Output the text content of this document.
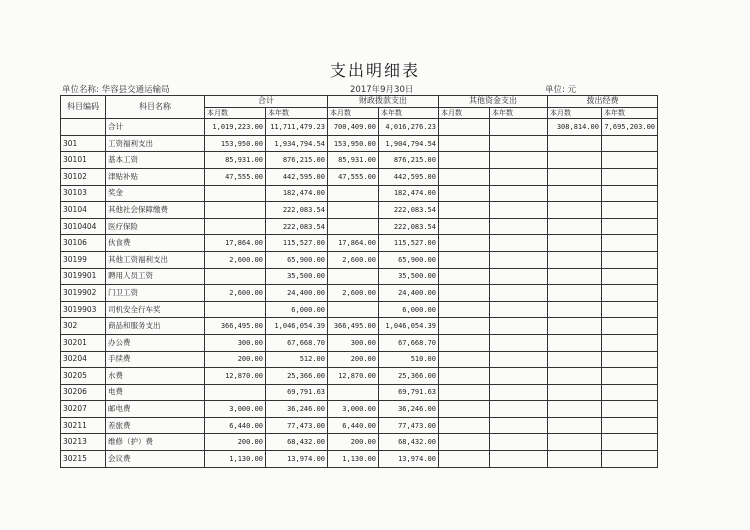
支出明细表
单位名称: 华容县交通运输局	2017年9月30日	单位: 元
科目编码	科目名称	合计		财政拨款支出		其他资金支出		拨出经费	
		本月数	本年数	本月数	本年数	本月数	本年数	本月数	本年数
	合计	1,019,223.00	11,711,479.23	700,409.00	4,016,276.23			308,814.00	7,695,203.00
301	工资福利支出	153,950.00	1,934,794.54	153,950.00	1,904,794.54				
30101	基本工资	85,931.00	876,215.00	85,931.00	876,215.00				
30102	津贴补贴	47,555.00	442,595.00	47,555.00	442,595.00				
30103	奖金		182,474.00		182,474.00				
30104	其他社会保障缴费		222,083.54		222,083.54				
3010404	医疗保险		222,083.54		222,083.54				
30106	伙食费	17,864.00	115,527.00	17,864.00	115,527.00				
30199	其他工资福利支出	2,600.00	65,900.00	2,600.00	65,900.00				
3019901	聘用人员工资		35,500.00		35,500.00				
3019902	门卫工资	2,600.00	24,400.00	2,600.00	24,400.00				
3019903	司机安全行车奖		6,000.00		6,000.00				
302	商品和服务支出	366,495.00	1,046,054.39	366,495.00	1,046,054.39				
30201	办公费	300.00	67,668.70	300.00	67,668.70				
30204	手续费	200.00	512.00	200.00	510.00				
30205	水费	12,870.00	25,366.00	12,870.00	25,366.00				
30206	电费		69,791.63		69,791.63				
30207	邮电费	3,000.00	36,246.00	3,000.00	36,246.00				
30211	差旅费	6,440.00	77,473.00	6,440.00	77,473.00				
30213	维修（护）费	200.00	68,432.00	200.00	68,432.00				
30215	会议费	1,130.00	13,974.00	1,130.00	13,974.00				
